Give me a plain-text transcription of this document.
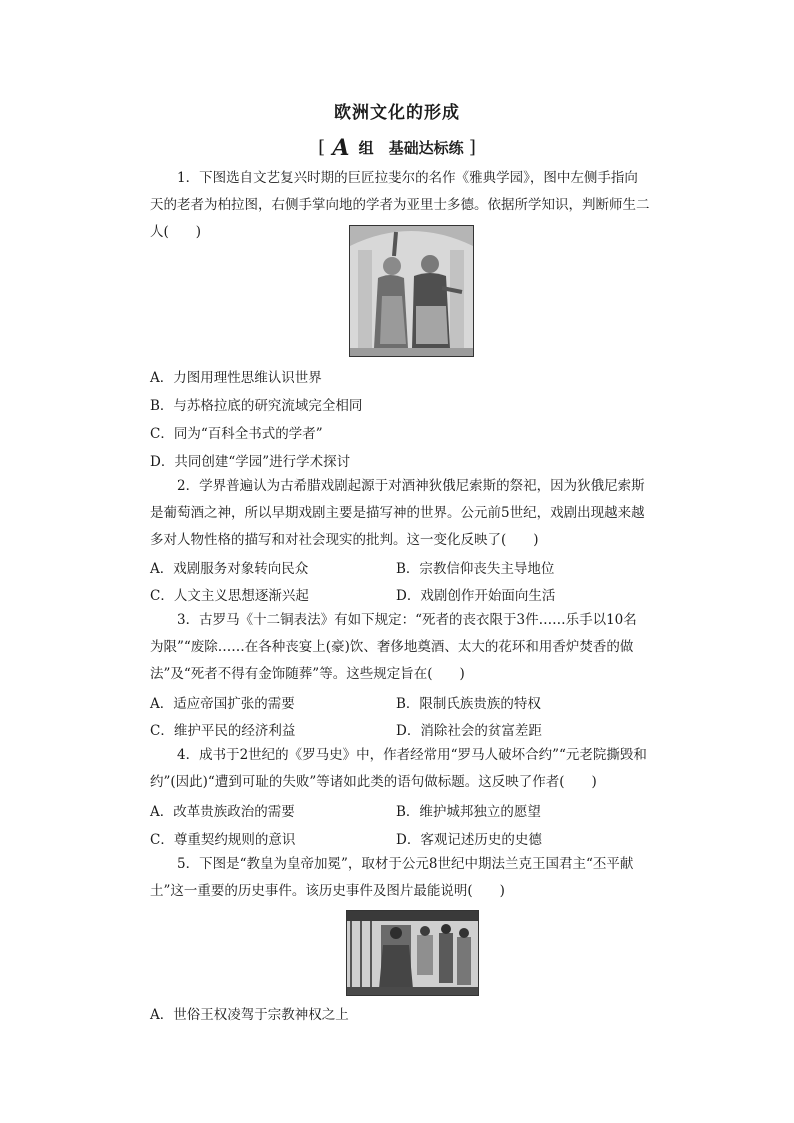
欧洲文化的形成
[ A 组　基础达标练 ]

1．下图选自文艺复兴时期的巨匠拉斐尔的名作《雅典学园》，图中左侧手指向天的老者为柏拉图，右侧手掌向地的学者为亚里士多德。依据所学知识，判断师生二人(　　)

A．力图用理性思维认识世界
B．与苏格拉底的研究流域完全相同
C．同为“百科全书式的学者”
D．共同创建“学园”进行学术探讨

2．学界普遍认为古希腊戏剧起源于对酒神狄俄尼索斯的祭祀，因为狄俄尼索斯是葡萄酒之神，所以早期戏剧主要是描写神的世界。公元前5世纪，戏剧出现越来越多对人物性格的描写和对社会现实的批判。这一变化反映了(　　)

A．戏剧服务对象转向民众	B．宗教信仰丧失主导地位
C．人文主义思想逐渐兴起	D．戏剧创作开始面向生活

3．古罗马《十二铜表法》有如下规定：“死者的丧衣限于3件……乐手以10名为限”“废除……在各种丧宴上(豪)饮、奢侈地奠酒、太大的花环和用香炉焚香的做法”及“死者不得有金饰随葬”等。这些规定旨在(　　)

A．适应帝国扩张的需要	B．限制氏族贵族的特权
C．维护平民的经济利益	D．消除社会的贫富差距

4．成书于2世纪的《罗马史》中，作者经常用“罗马人破坏合约”“元老院撕毁和约”(因此)“遭到可耻的失败”等诸如此类的语句做标题。这反映了作者(　　)

A．改革贵族政治的需要	B．维护城邦独立的愿望
C．尊重契约规则的意识	D．客观记述历史的史德

5．下图是“教皇为皇帝加冕”，取材于公元8世纪中期法兰克王国君主“丕平献土”这一重要的历史事件。该历史事件及图片最能说明(　　)

A．世俗王权凌驾于宗教神权之上
